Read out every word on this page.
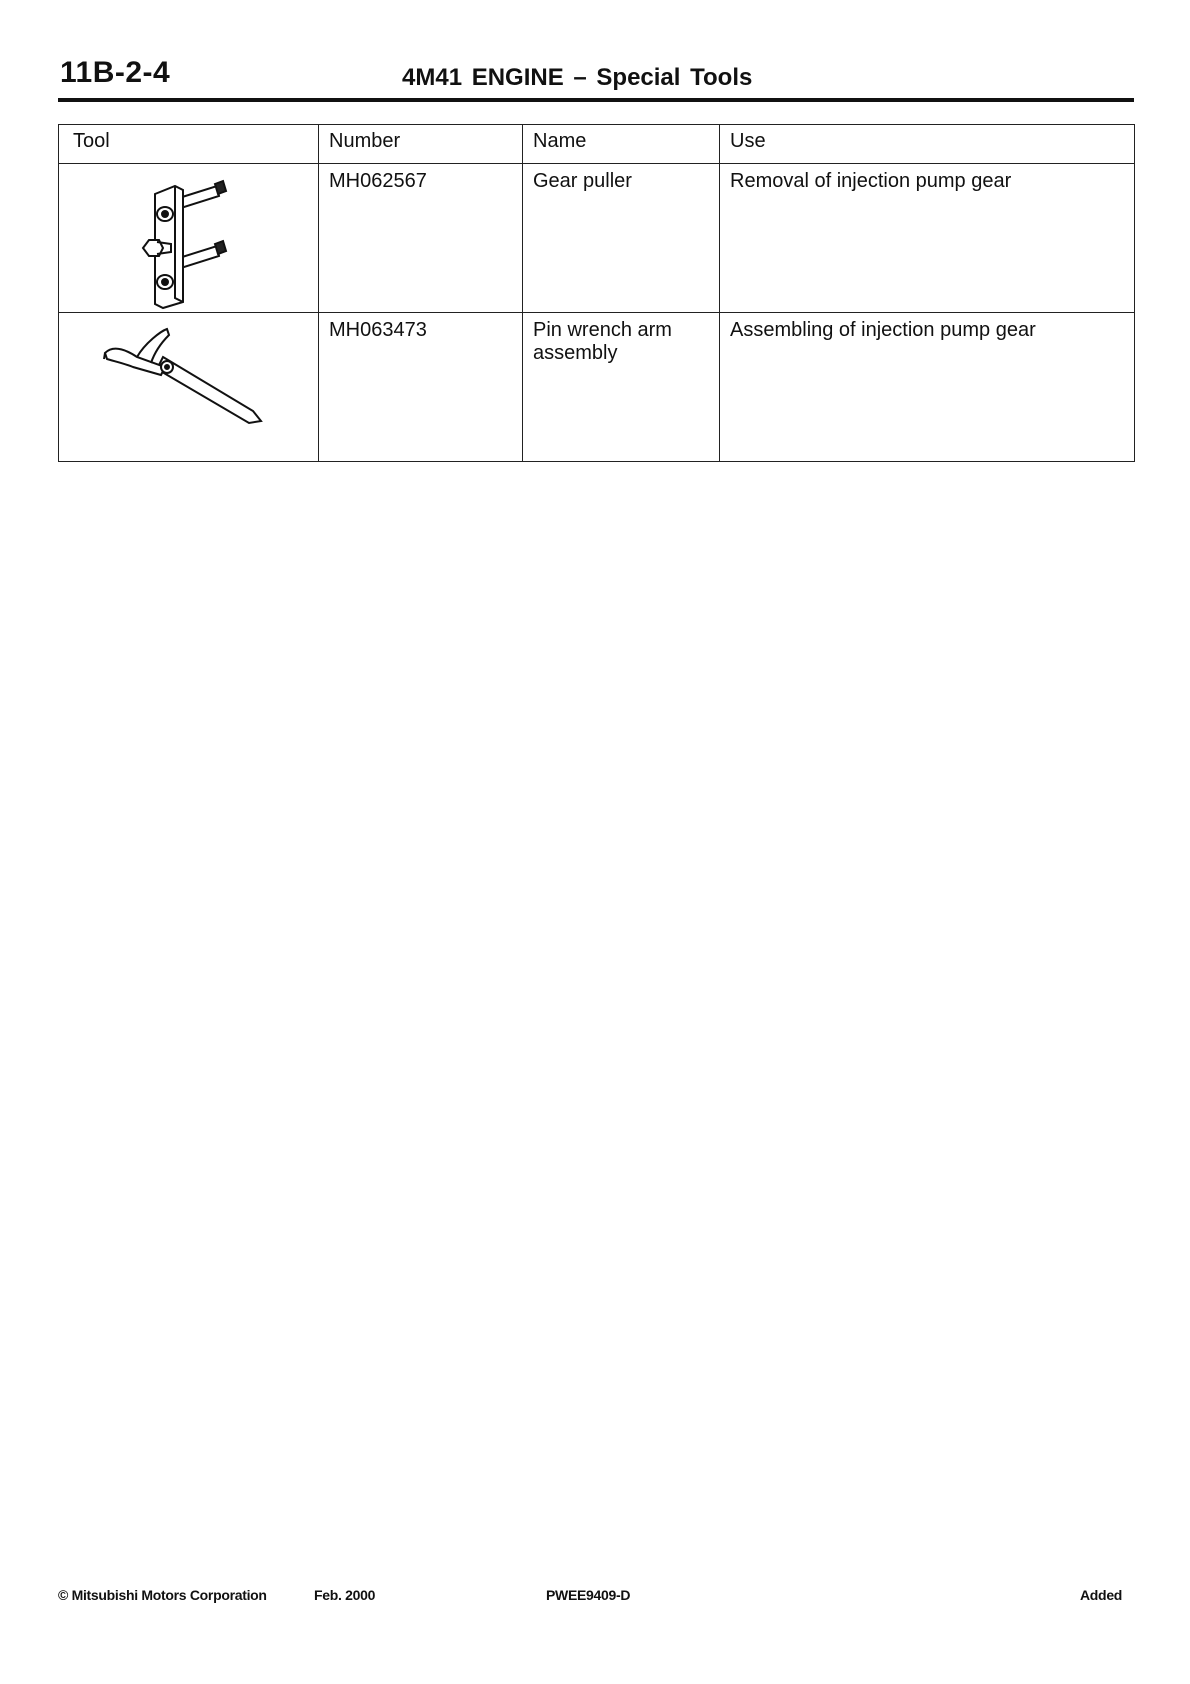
11B-2-4	4M41 ENGINE – Special Tools
Tool	Number	Name	Use

	MH062567	Gear puller	Removal of injection pump gear

	MH063473	Pin wrench arm assembly	Assembling of injection pump gear
© Mitsubishi Motors Corporation	Feb. 2000	PWEE9409-D	Added
